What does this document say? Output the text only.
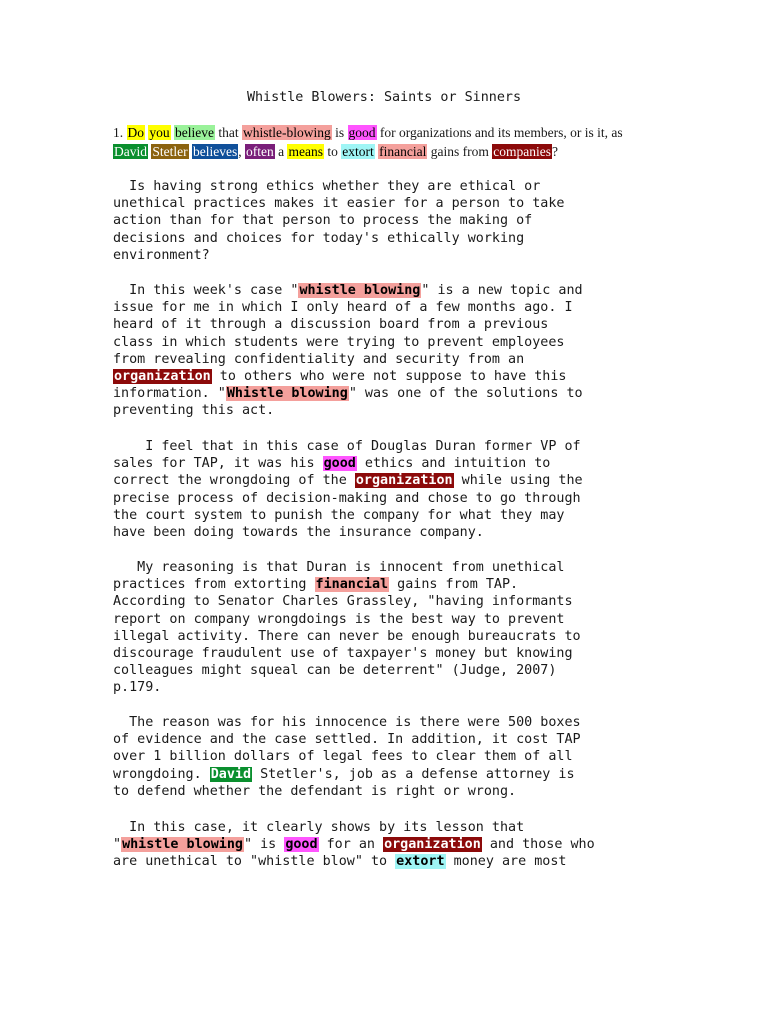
Whistle Blowers: Saints or Sinners
1. Do you believe that whistle-blowing is good for organizations and its members, or is it, as David Stetler believes, often a means to extort financial gains from companies?
Is having strong ethics whether they are ethical or
unethical practices makes it easier for a person to take
action than for that person to process the making of
decisions and choices for today's ethically working
environment?
In this week's case "whistle blowing" is a new topic and
issue for me in which I only heard of a few months ago. I
heard of it through a discussion board from a previous
class in which students were trying to prevent employees
from revealing confidentiality and security from an
organization to others who were not suppose to have this
information. "Whistle blowing" was one of the solutions to
preventing this act.
I feel that in this case of Douglas Duran former VP of
sales for TAP, it was his good ethics and intuition to
correct the wrongdoing of the organization while using the
precise process of decision-making and chose to go through
the court system to punish the company for what they may
have been doing towards the insurance company.
My reasoning is that Duran is innocent from unethical
practices from extorting financial gains from TAP.
According to Senator Charles Grassley, "having informants
report on company wrongdoings is the best way to prevent
illegal activity. There can never be enough bureaucrats to
discourage fraudulent use of taxpayer's money but knowing
colleagues might squeal can be deterrent" (Judge, 2007)
p.179.
The reason was for his innocence is there were 500 boxes
of evidence and the case settled. In addition, it cost TAP
over 1 billion dollars of legal fees to clear them of all
wrongdoing. David Stetler's, job as a defense attorney is
to defend whether the defendant is right or wrong.
In this case, it clearly shows by its lesson that
"whistle blowing" is good for an organization and those who
are unethical to "whistle blow" to extort money are most
